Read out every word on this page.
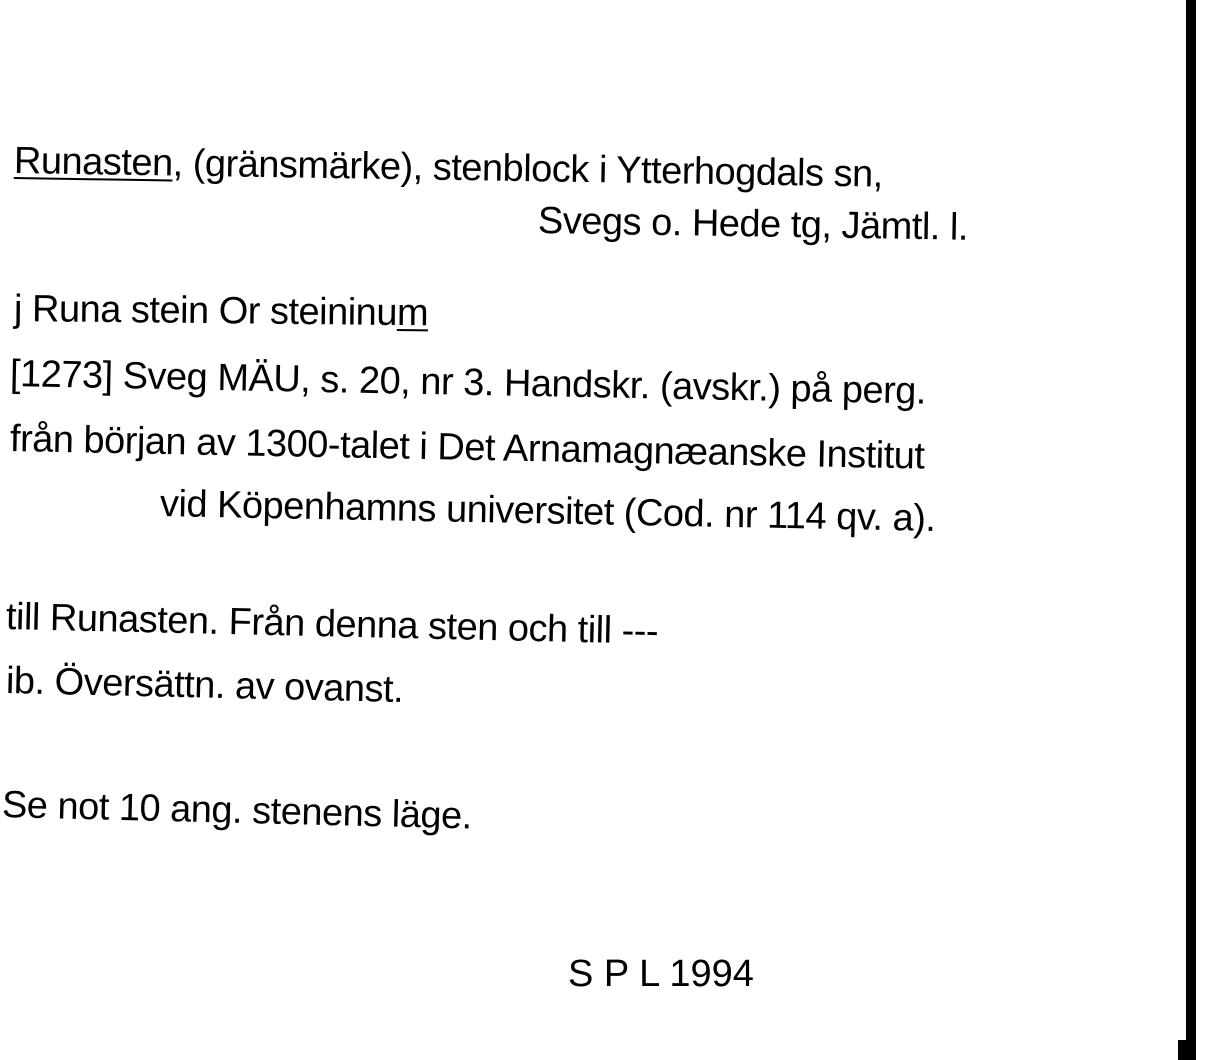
Runasten, (gränsmärke), stenblock i Ytterhogdals sn,
Svegs o. Hede tg, Jämtl. l.
j Runa stein Or steininum
[1273] Sveg MÄU, s. 20, nr 3. Handskr. (avskr.) på perg.
från början av 1300-talet i Det Arnamagnæanske Institut
vid Köpenhamns universitet (Cod. nr 114 qv. a).
till Runasten. Från denna sten och till ---
ib. Översättn. av ovanst.
Se not 10 ang. stenens läge.
S P L 1994
